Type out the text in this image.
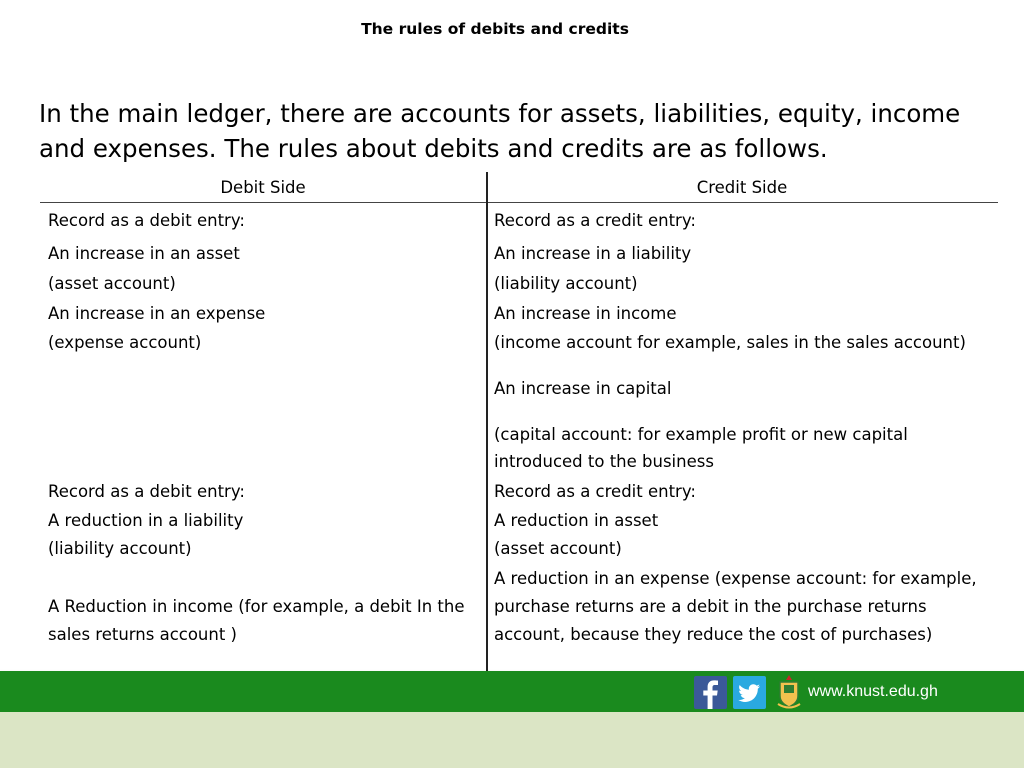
The rules of debits and credits
In the main ledger, there are accounts for assets, liabilities, equity, income and expenses. The rules about debits and credits are as follows.
Debit Side	Credit Side
Record as a debit entry:
An increase in an asset
(asset account)
An increase in an expense
(expense account)
Record as a debit entry:
A reduction in a liability
(liability account)
A Reduction in income (for example, a debit In the sales returns account )
Record as a credit entry:
An increase in a liability
(liability account)
An increase in income
(income account for example, sales in the sales account)
An increase in capital
(capital account: for example profit or new capital introduced to the business
Record as a credit entry:
A reduction in asset
(asset account)
A reduction in an expense (expense account: for example, purchase returns are a debit in the purchase returns account, because they reduce the cost of purchases)
www.knust.edu.gh
